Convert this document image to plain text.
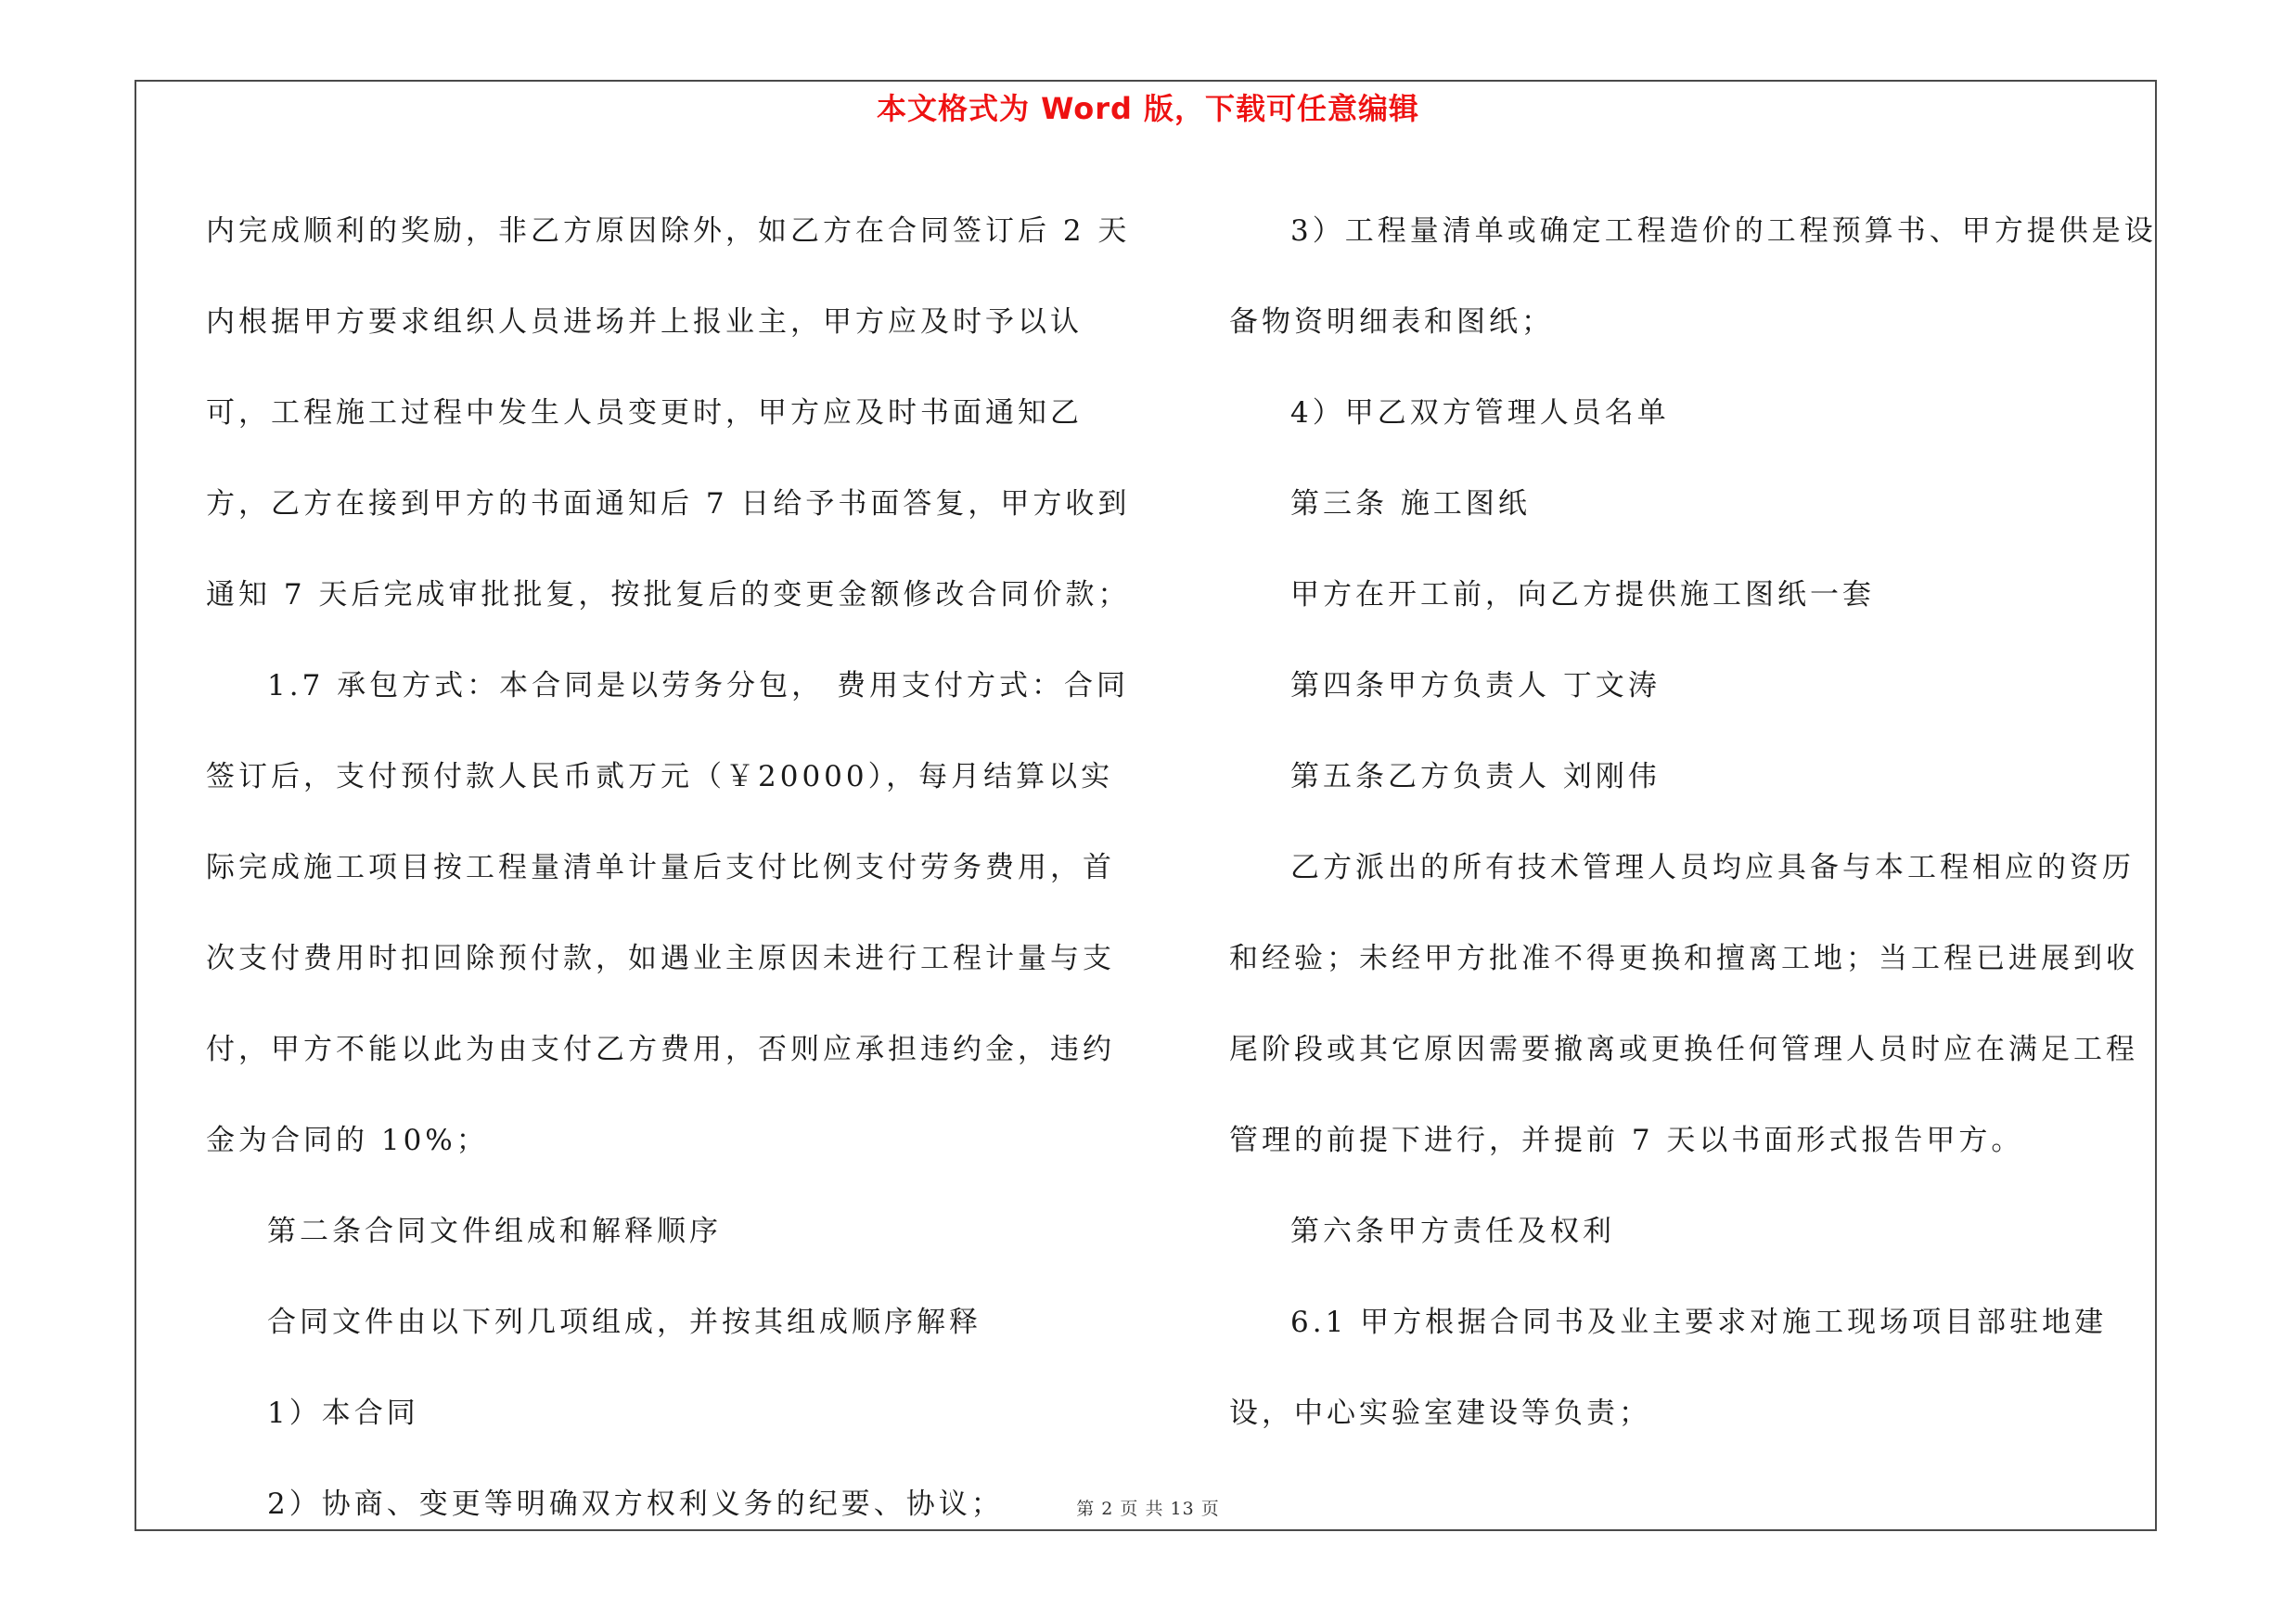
本文格式为 Word 版，下载可任意编辑

内完成顺利的奖励，非乙方原因除外，如乙方在合同签订后 2 天内根据甲方要求组织人员进场并上报业主，甲方应及时予以认可，工程施工过程中发生人员变更时，甲方应及时书面通知乙方，乙方在接到甲方的书面通知后 7 日给予书面答复，甲方收到通知 7 天后完成审批批复，按批复后的变更金额修改合同价款；

1.7 承包方式：本合同是以劳务分包， 费用支付方式：合同签订后，支付预付款人民币贰万元（￥20000），每月结算以实际完成施工项目按工程量清单计量后支付比例支付劳务费用，首次支付费用时扣回除预付款，如遇业主原因未进行工程计量与支付，甲方不能以此为由支付乙方费用，否则应承担违约金，违约金为合同的 10%；

第二条合同文件组成和解释顺序

合同文件由以下列几项组成，并按其组成顺序解释

1）本合同

2）协商、变更等明确双方权利义务的纪要、协议；

3）工程量清单或确定工程造价的工程预算书、甲方提供是设备物资明细表和图纸；

4）甲乙双方管理人员名单

第三条 施工图纸

甲方在开工前，向乙方提供施工图纸一套

第四条甲方负责人 丁文涛

第五条乙方负责人 刘刚伟

乙方派出的所有技术管理人员均应具备与本工程相应的资历和经验；未经甲方批准不得更换和擅离工地；当工程已进展到收尾阶段或其它原因需要撤离或更换任何管理人员时应在满足工程管理的前提下进行，并提前 7 天以书面形式报告甲方。

第六条甲方责任及权利

6.1 甲方根据合同书及业主要求对施工现场项目部驻地建设，中心实验室建设等负责；

第 2 页 共 13 页
